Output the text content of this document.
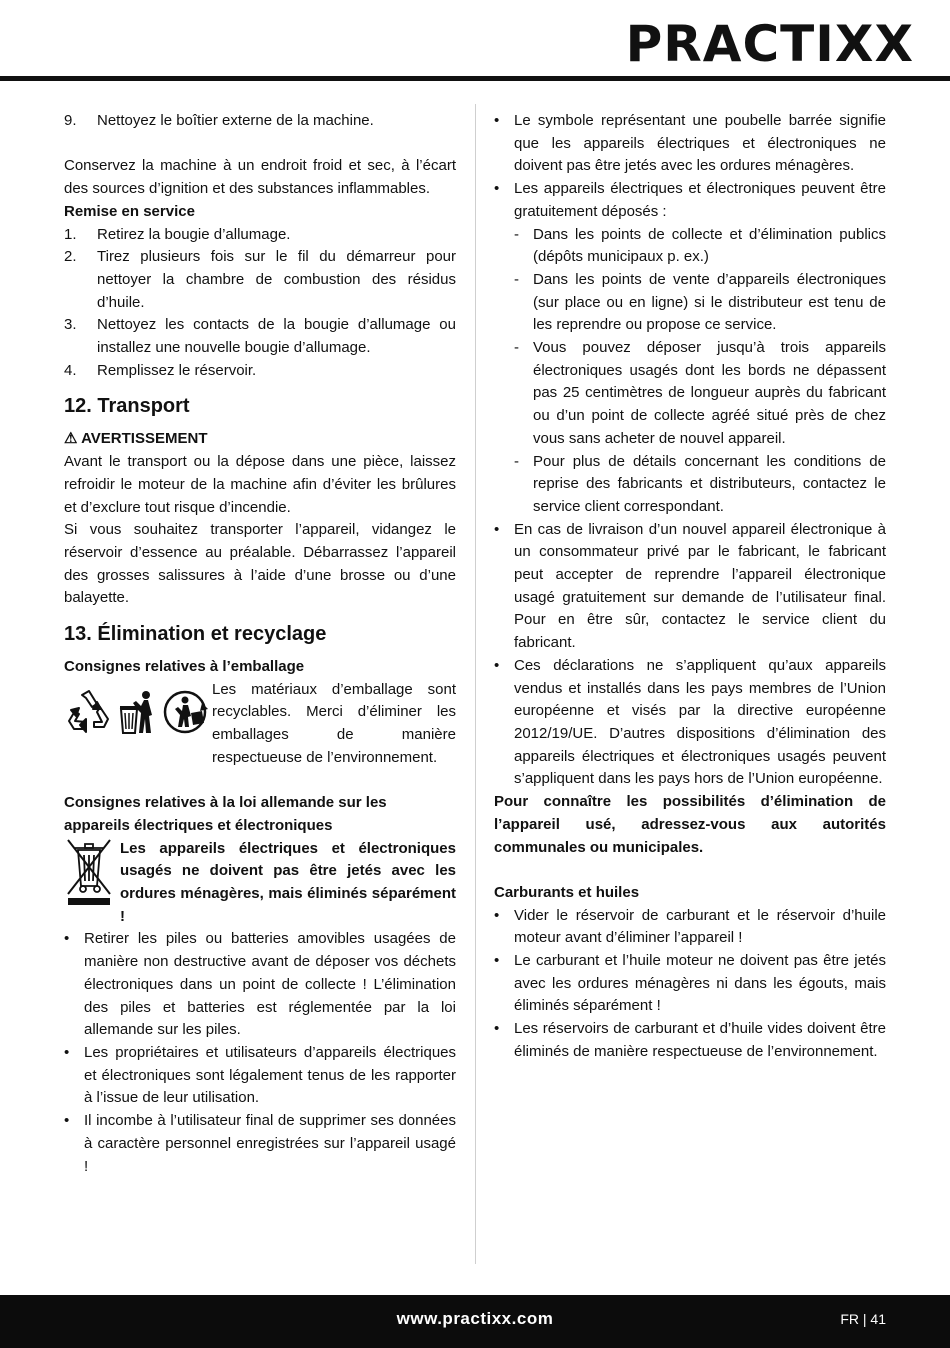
PRACTIXX
9.	Nettoyez le boîtier externe de la machine.

Conservez la machine à un endroit froid et sec, à l’écart des sources d’ignition et des substances inflammables.

Remise en service
1.	Retirez la bougie d’allumage.
2.	Tirez plusieurs fois sur le fil du démarreur pour nettoyer la chambre de combustion des résidus d’huile.
3.	Nettoyez les contacts de la bougie d’allumage ou installez une nouvelle bougie d’allumage.
4.	Remplissez le réservoir.
12. Transport
⚠ AVERTISSEMENT

Avant le transport ou la dépose dans une pièce, laissez refroidir le moteur de la machine afin d’éviter les brûlures et d’exclure tout risque d’incendie.

Si vous souhaitez transporter l’appareil, vidangez le réservoir d’essence au préalable. Débarrassez l’appareil des grosses salissures à l’aide d’une brosse ou d’une balayette.

13. Élimination et recyclage
Consignes relatives à l’emballage
Les matériaux d’emballage sont recyclables. Merci d’éliminer les emballages de manière respectueuse de l’environnement.
Consignes relatives à la loi allemande sur les appareils électriques et électroniques
Les appareils électriques et électroniques usagés ne doivent pas être jetés avec les ordures ménagères, mais éliminés séparément !
• Retirer les piles ou batteries amovibles usagées de manière non destructive avant de déposer vos déchets électroniques dans un point de collecte ! L’élimination des piles et batteries est réglementée par la loi allemande sur les piles.
• Les propriétaires et utilisateurs d’appareils électriques et électroniques sont légalement tenus de les rapporter à l’issue de leur utilisation.
• Il incombe à l’utilisateur final de supprimer ses données à caractère personnel enregistrées sur l’appareil usagé !
• Le symbole représentant une poubelle barrée signifie que les appareils électriques et électroniques ne doivent pas être jetés avec les ordures ménagères.
• Les appareils électriques et électroniques peuvent être gratuitement déposés :
- Dans les points de collecte et d’élimination publics (dépôts municipaux p. ex.)
- Dans les points de vente d’appareils électroniques (sur place ou en ligne) si le distributeur est tenu de les reprendre ou propose ce service.
- Vous pouvez déposer jusqu’à trois appareils électroniques usagés dont les bords ne dépassent pas 25 centimètres de longueur auprès du fabricant ou d’un point de collecte agréé situé près de chez vous sans acheter de nouvel appareil.
- Pour plus de détails concernant les conditions de reprise des fabricants et distributeurs, contactez le service client correspondant.
• En cas de livraison d’un nouvel appareil électronique à un consommateur privé par le fabricant, le fabricant peut accepter de reprendre l’appareil électronique usagé gratuitement sur demande de l’utilisateur final. Pour en être sûr, contactez le service client du fabricant.
• Ces déclarations ne s’appliquent qu’aux appareils vendus et installés dans les pays membres de l’Union européenne et visés par la directive européenne 2012/19/UE. D’autres dispositions d’élimination des appareils électriques et électroniques usagés peuvent s’appliquent dans les pays hors de l’Union européenne.

Pour connaître les possibilités d’élimination de l’appareil usé, adressez-vous aux autorités communales ou municipales.

Carburants et huiles
• Vider le réservoir de carburant et le réservoir d’huile moteur avant d’éliminer l’appareil !
• Le carburant et l’huile moteur ne doivent pas être jetés avec les ordures ménagères ni dans les égouts, mais éliminés séparément !
• Les réservoirs de carburant et d’huile vides doivent être éliminés de manière respectueuse de l’environnement.
www.practixx.com	FR | 41
